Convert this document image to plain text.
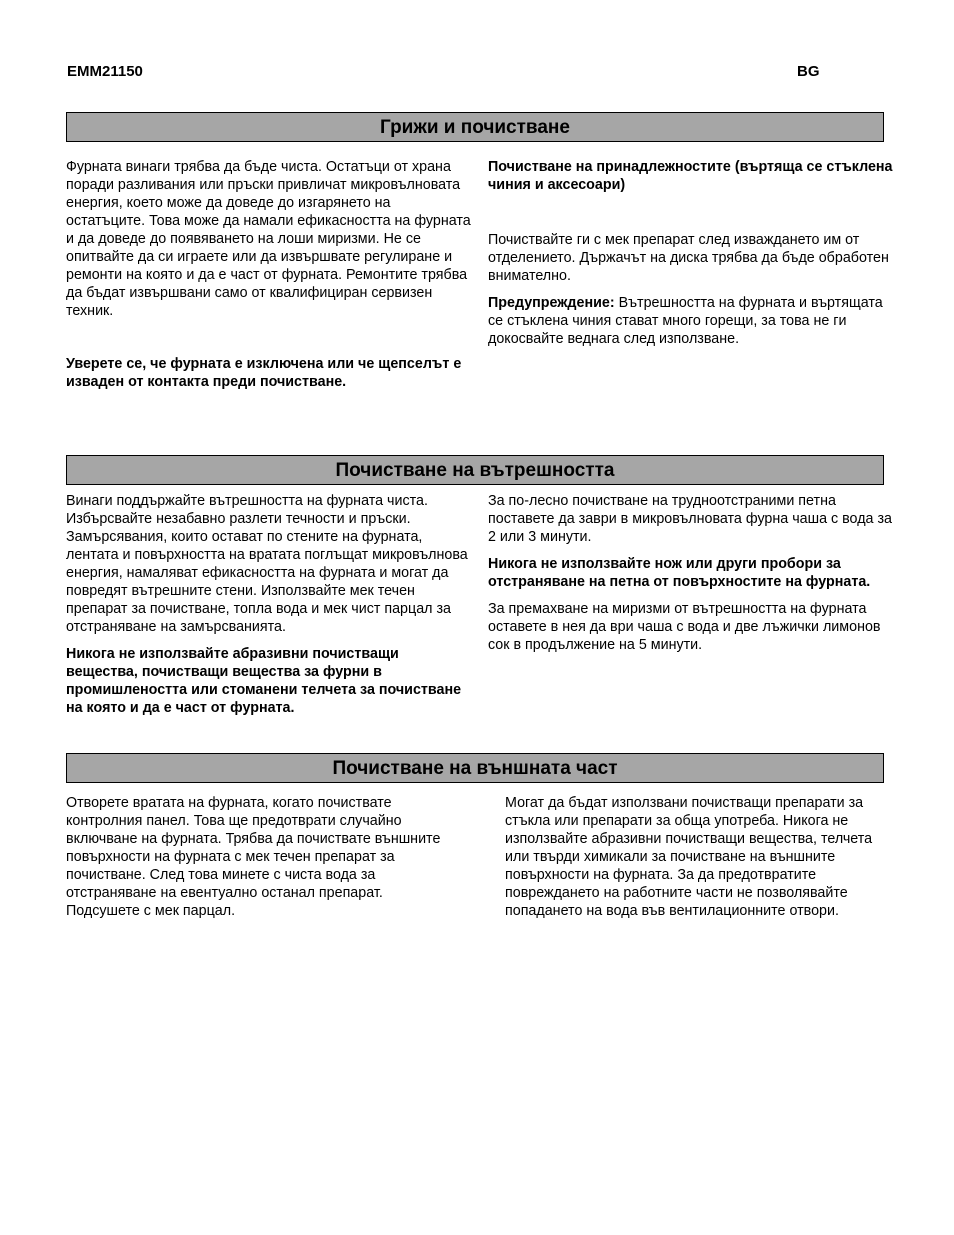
EMM21150	BG
Грижи и почистване

Фурната винаги трябва да бъде чиста. Остатъци от храна поради разливания или пръски привличат микровълновата енергия, което може да доведе до изгарянето на остатъците. Това може да намали ефикасността на фурната и да доведе до появяването на лоши миризми. Не се опитвайте да си играете или да извършвате регулиране и ремонти на която и да е част от фурната. Ремонтите трябва да бъдат извършвани само от квалифициран сервизен техник.

Уверете се, че фурната е изключена или че щепселът е изваден от контакта преди почистване.

Почистване на принадлежностите (въртяща се стъклена чиния и аксесоари)

Почиствайте ги с мек препарат след изваждането им от отделението. Държачът на диска трябва да бъде обработен внимателно.

Предупреждение: Вътрешността на фурната и въртящата се стъклена чиния стават много горещи, за това не ги докосвайте веднага след използване.

Почистване на вътрешността

Винаги поддържайте вътрешността на фурната чиста. Избърсвайте незабавно разлети течности и пръски. Замърсявания, които остават по стените на фурната, лентата и повърхността на вратата поглъщат микровълнова енергия, намаляват ефикасността на фурната и могат да повредят вътрешните стени. Използвайте мек течен препарат за почистване, топла вода и мек чист парцал за отстраняване на замърсванията.

Никога не използвайте абразивни почистващи вещества, почистващи вещества за фурни в промишлеността или стоманени телчета за почистване на която и да е част от фурната.

За по-лесно почистване на трудноотстраними петна поставете да заври в микровълновата фурна чаша с вода за 2 или 3 минути.

Никога не използвайте нож или други пробори за отстраняване на петна от повърхностите на фурната.

За премахване на миризми от вътрешността на фурната оставете в нея да ври чаша с вода и две лъжички лимонов сок в продължение на 5 минути.

Почистване на външната част

Отворете вратата на фурната, когато почиствате контролния панел. Това ще предотврати случайно включване на фурната. Трябва да почиствате външните повърхности на фурната с мек течен препарат за почистване. След това минете с чиста вода за отстраняване на евентуално останал препарат. Подсушете с мек парцал.

Могат да бъдат използвани почистващи препарати за стъкла или препарати за обща употреба. Никога не използвайте абразивни почистващи вещества, телчета или твърди химикали за почистване на външните повърхности на фурната. За да предотвратите повреждането на работните части не позволявайте попадането на вода във вентилационните отвори.
